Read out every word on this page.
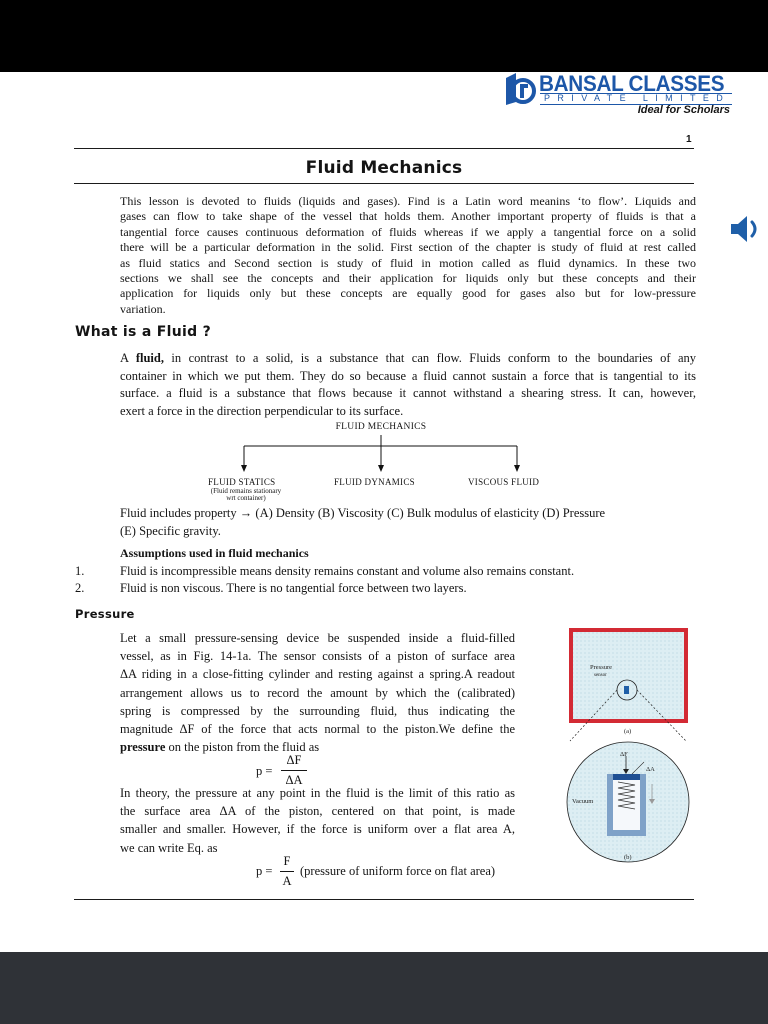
BANSAL CLASSES
PRIVATE LIMITED
Ideal for Scholars
1
Fluid Mechanics
This lesson is devoted to fluids (liquids and gases). Find is a Latin word meanins ‘to flow’. Liquids and
gases can flow to take shape of the vessel that holds them. Another important property of fluids is that a
tangential force causes continuous deformation of fluids whereas if we apply a tangential force on a solid
there will be a particular deformation in the solid. First section of the chapter is study of fluid at rest called
as fluid statics and Second section is study of fluid in motion called as fluid dynamics. In these two
sections we shall see the concepts and their application for liquids only but these concepts and their
application for liquids only but these concepts are equally good for gases also but for low-pressure
variation.
What is a Fluid ?
A fluid, in contrast to a solid, is a substance that can flow. Fluids conform to the boundaries of any
container in which we put them. They do so because a fluid cannot sustain a force that is tangential to its
surface. a fluid is a substance that flows because it cannot withstand a shearing stress. It can, however,
exert a force in the direction perpendicular to its surface.
FLUID MECHANICS
FLUID STATICS
(Fluid remains stationary
wrt container)
FLUID DYNAMICS	VISCOUS FLUID
Fluid includes property → (A) Density (B) Viscosity (C) Bulk modulus of elasticity (D) Pressure
(E) Specific gravity.
Assumptions used in fluid mechanics
1.	Fluid is incompressible means density remains constant and volume also remains constant.
2.	Fluid is non viscous. There is no tangential force between two layers.
Pressure
Let a small pressure-sensing device be suspended inside a fluid-filled
vessel, as in Fig. 14-1a. The sensor consists of a piston of surface area
ΔA riding in a close-fitting cylinder and resting against a spring.A readout
arrangement allows us to record the amount by which the (calibrated)
spring is compressed by the surrounding fluid, thus indicating the
magnitude ΔF of the force that acts normal to the piston.We define the
pressure on the piston from the fluid as
p =
ΔF
ΔA
In theory, the pressure at any point in the fluid is the limit of this ratio as
the surface area ΔA of the piston, centered on that point, is made
smaller and smaller. However, if the force is uniform over a flat area A,
we can write Eq. as
p =
F
A
(pressure of uniform force on flat area)
Pressure
sensor
(a)
ΔF
ΔA
Vacuum
(b)
